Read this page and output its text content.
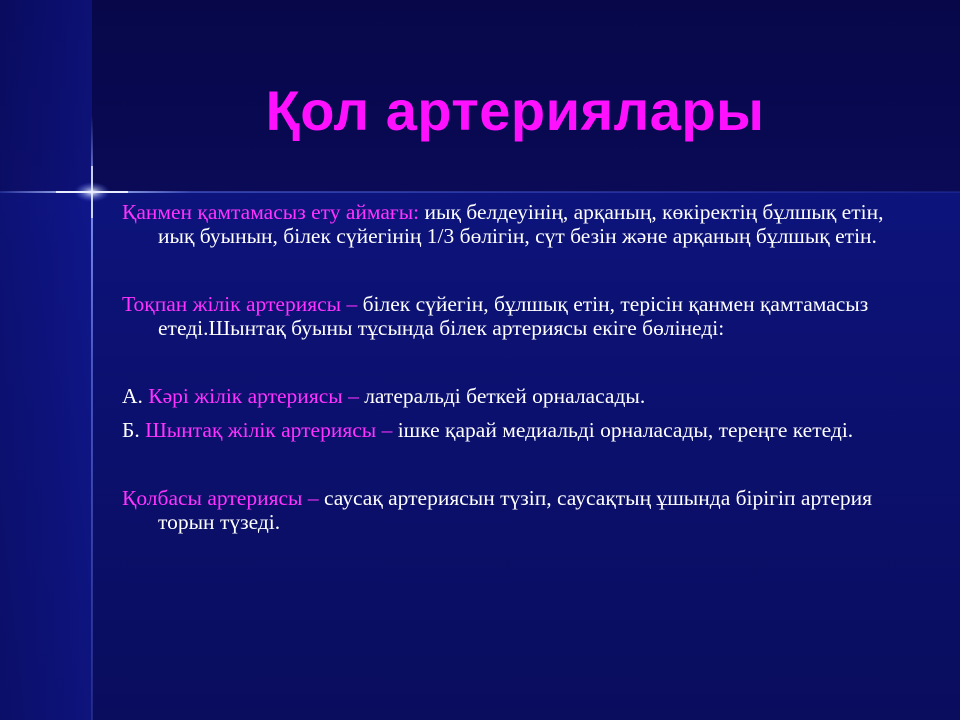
Қол артериялары

Қанмен қамтамасыз ету аймағы: иық белдеуінің, арқаның, көкіректің бұлшық етін, иық буынын, білек сүйегінің 1/3 бөлігін, сүт безін және арқаның бұлшық етін.

Тоқпан жілік артериясы – білек сүйегін, бұлшық етін, терісін қанмен қамтамасыз етеді.Шынтақ буыны тұсында білек артериясы екіге бөлінеді:

А. Кәрі жілік артериясы – латеральді беткей орналасады.

Б. Шынтақ жілік артериясы – ішке қарай медиальді орналасады, тереңге кетеді.

Қолбасы артериясы – саусақ артериясын түзіп, саусақтың ұшында бірігіп артерия торын түзеді.
